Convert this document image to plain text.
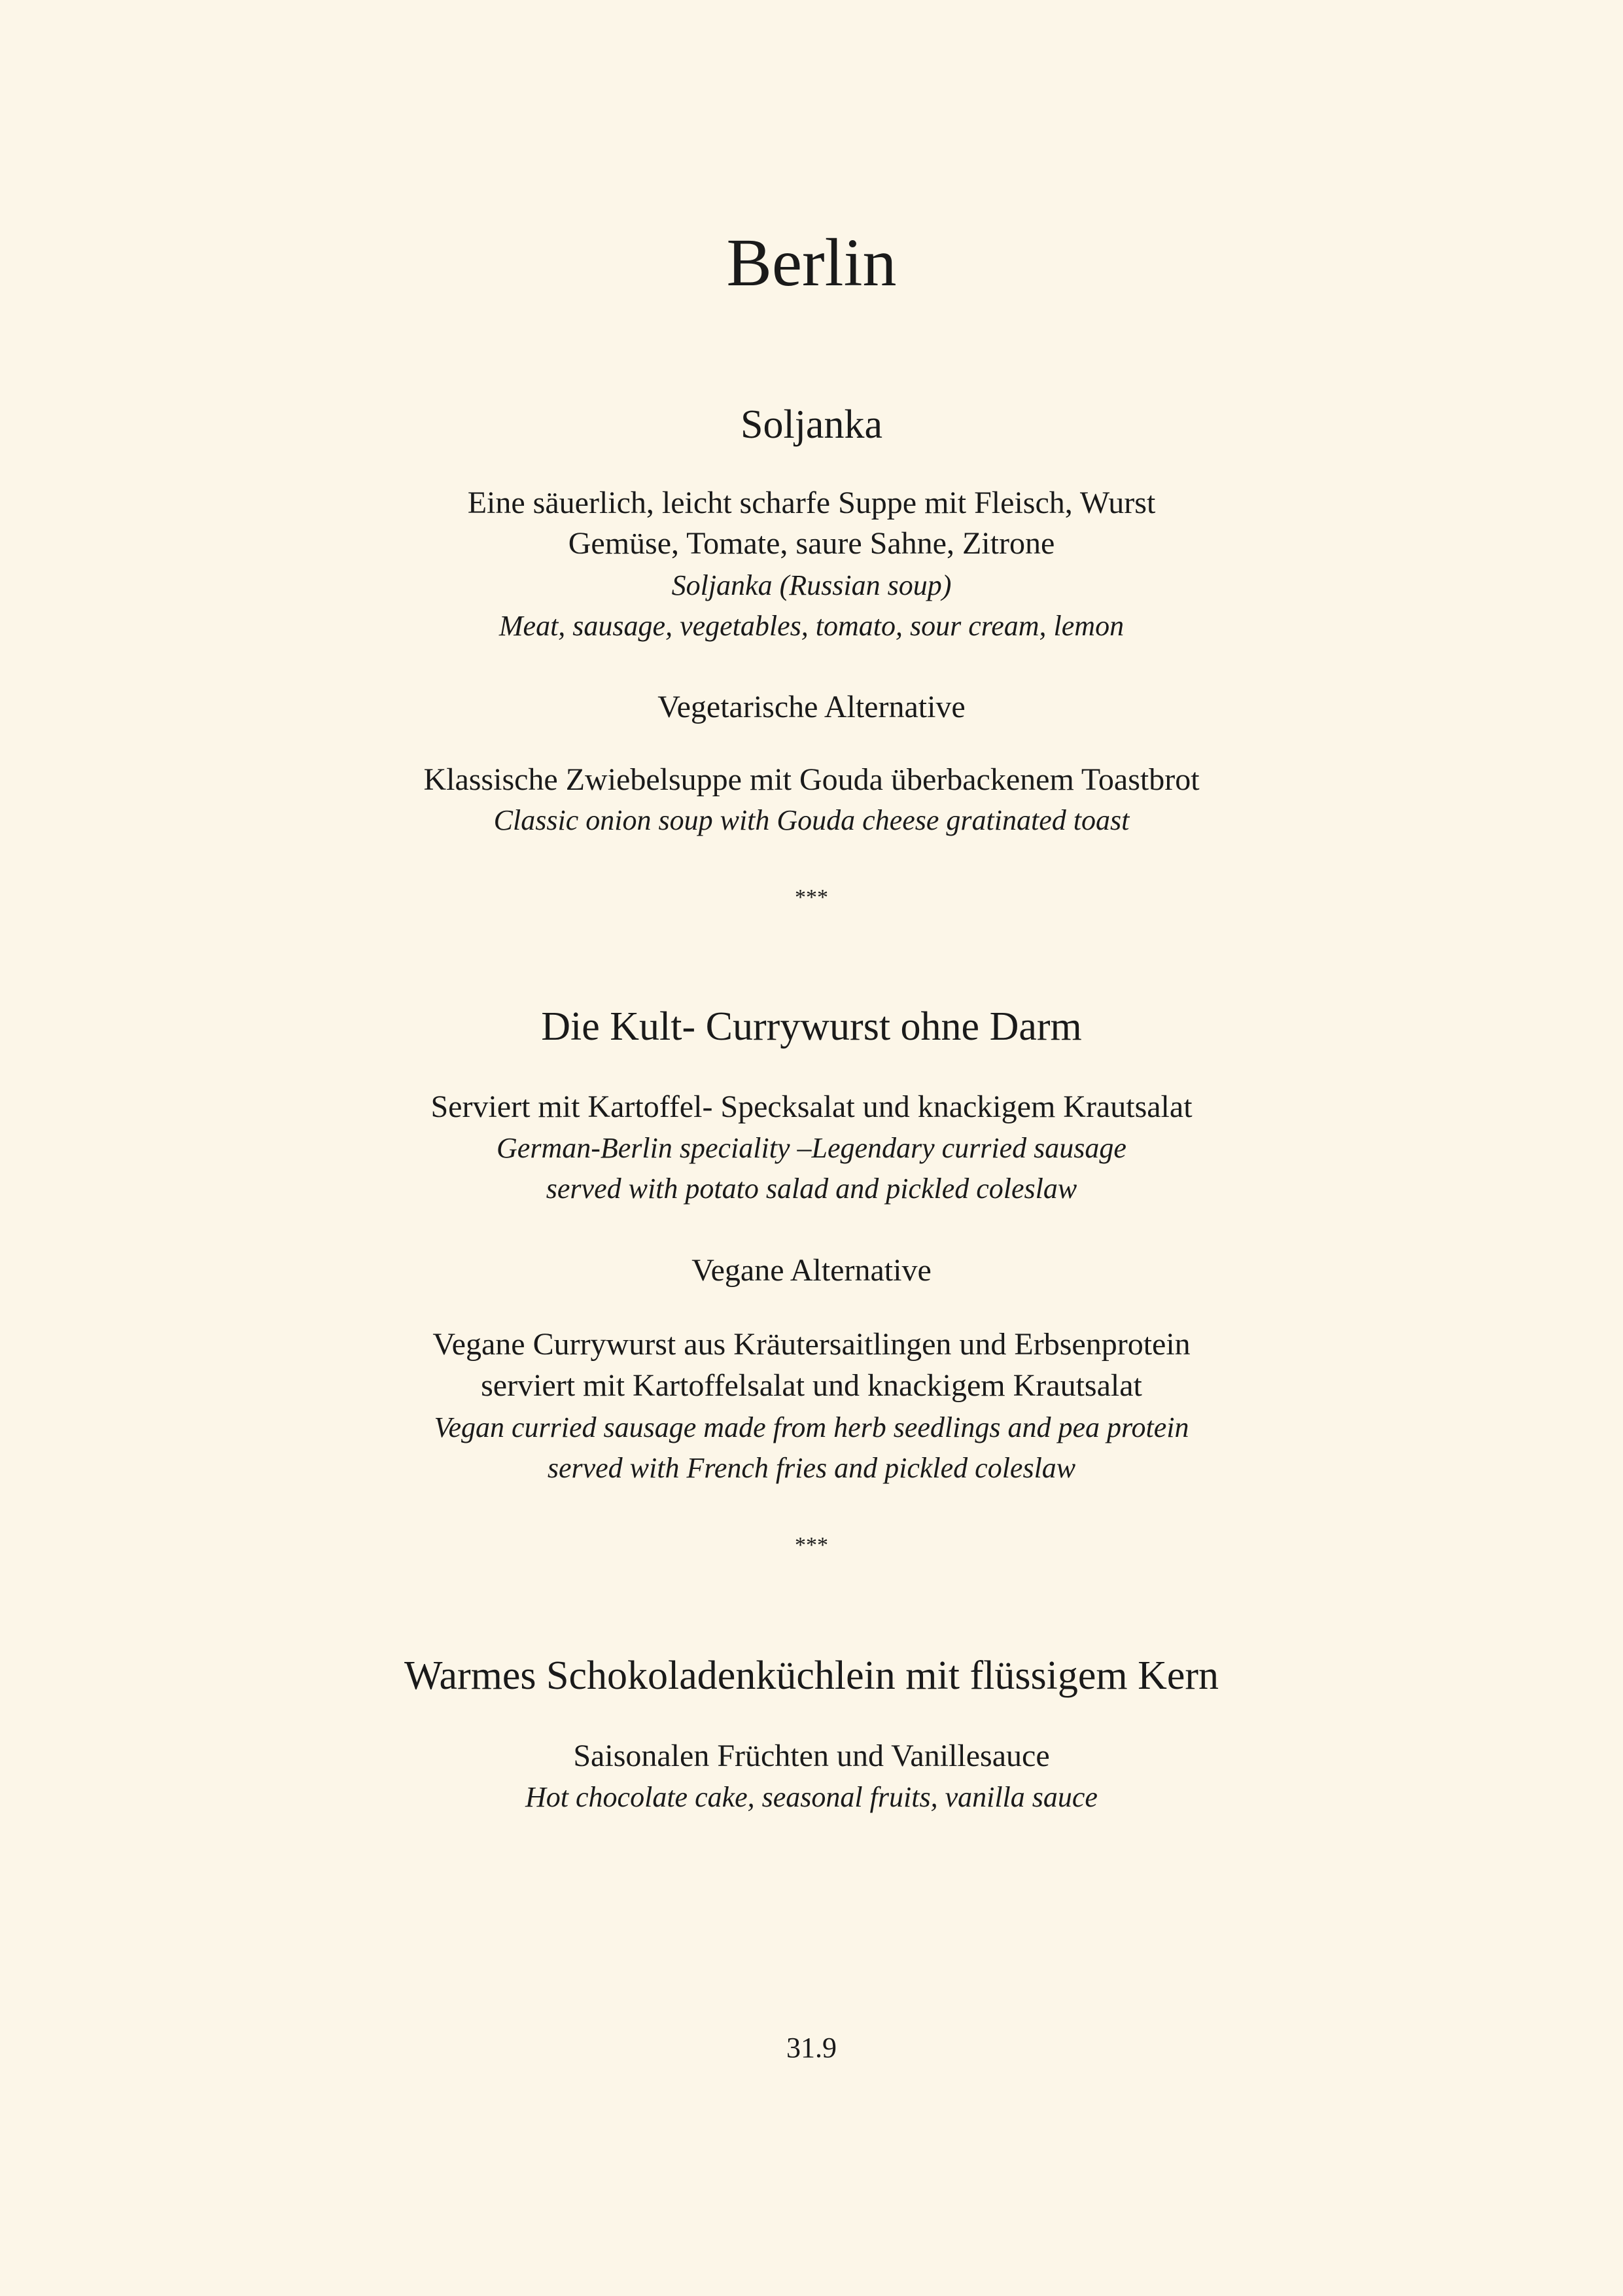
Berlin
Soljanka
Eine säuerlich, leicht scharfe Suppe mit Fleisch, Wurst
Gemüse, Tomate, saure Sahne, Zitrone
Soljanka (Russian soup)
Meat, sausage, vegetables, tomato, sour cream, lemon
Vegetarische Alternative
Klassische Zwiebelsuppe mit Gouda überbackenem Toastbrot
Classic onion soup with Gouda cheese gratinated toast
***
Die Kult- Currywurst ohne Darm
Serviert mit Kartoffel- Specksalat und knackigem Krautsalat
German-Berlin speciality –Legendary curried sausage
served with potato salad and pickled coleslaw
Vegane Alternative
Vegane Currywurst aus Kräutersaitlingen und Erbsenprotein
serviert mit Kartoffelsalat und knackigem Krautsalat
Vegan curried sausage made from herb seedlings and pea protein
served with French fries and pickled coleslaw
***
Warmes Schokoladenküchlein mit flüssigem Kern
Saisonalen Früchten und Vanillesauce
Hot chocolate cake, seasonal fruits, vanilla sauce
31.9
